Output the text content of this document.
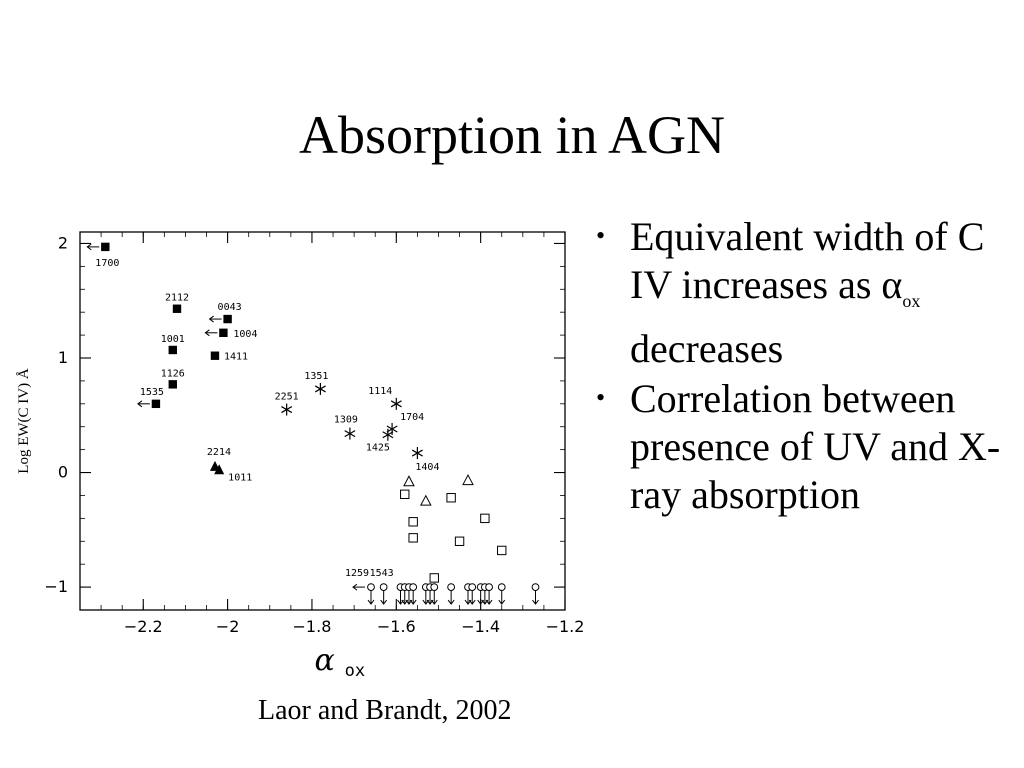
Absorption in AGN
−2.2	−2	−1.8	−1.6	−1.4	−1.2
−1
0
1
2
α ox
Log EW(C IV) Å
1700
2112
0043
1004
1001
1411
1126
1535
2214
1011
1351
2251
1114
1309	1704
1425
1404
1259 1543
Laor and Brandt, 2002
• Equivalent width of C IV increases as $\alpha_{ox}$ decreases
• Correlation between presence of UV and X-ray absorption
